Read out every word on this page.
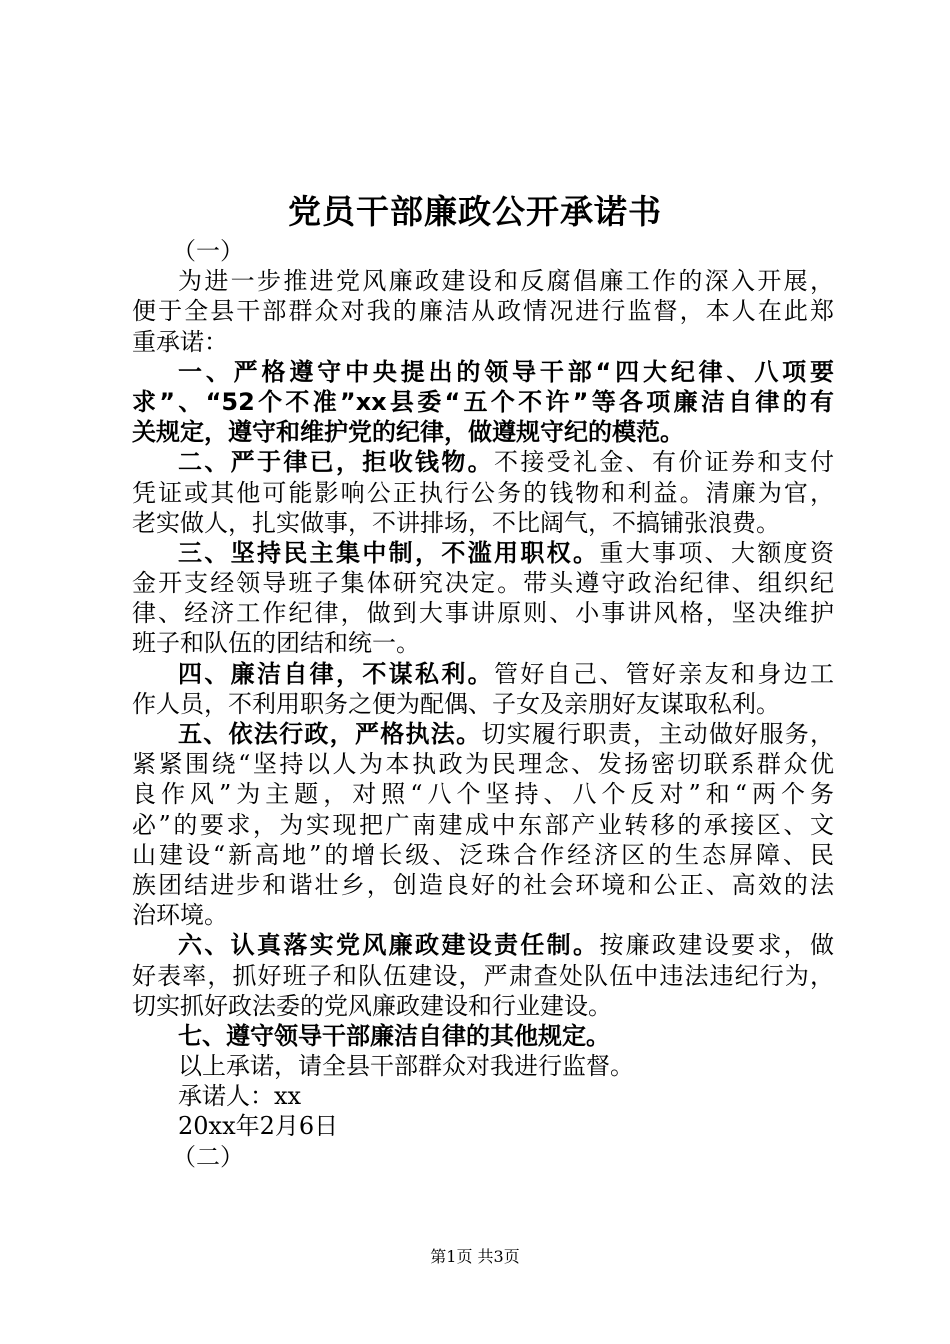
党员干部廉政公开承诺书
（一）
为进一步推进党风廉政建设和反腐倡廉工作的深入开展，
便于全县干部群众对我的廉洁从政情况进行监督，本人在此郑
重承诺：
一、严格遵守中央提出的领导干部“四大纪律、八项要
求”、“52个不准”xx县委“五个不许”等各项廉洁自律的有
关规定，遵守和维护党的纪律，做遵规守纪的模范。
二、严于律已，拒收钱物。不接受礼金、有价证券和支付
凭证或其他可能影响公正执行公务的钱物和利益。清廉为官，
老实做人，扎实做事，不讲排场，不比阔气，不搞铺张浪费。
三、坚持民主集中制，不滥用职权。重大事项、大额度资
金开支经领导班子集体研究决定。带头遵守政治纪律、组织纪
律、经济工作纪律，做到大事讲原则、小事讲风格，坚决维护
班子和队伍的团结和统一。
四、廉洁自律，不谋私利。管好自己、管好亲友和身边工
作人员，不利用职务之便为配偶、子女及亲朋好友谋取私利。
五、依法行政，严格执法。切实履行职责，主动做好服务，
紧紧围绕“坚持以人为本执政为民理念、发扬密切联系群众优
良作风”为主题，对照“八个坚持、八个反对”和“两个务
必”的要求，为实现把广南建成中东部产业转移的承接区、文
山建设“新高地”的增长级、泛珠合作经济区的生态屏障、民
族团结进步和谐壮乡，创造良好的社会环境和公正、高效的法
治环境。
六、认真落实党风廉政建设责任制。按廉政建设要求，做
好表率，抓好班子和队伍建设，严肃查处队伍中违法违纪行为，
切实抓好政法委的党风廉政建设和行业建设。
七、遵守领导干部廉洁自律的其他规定。
以上承诺，请全县干部群众对我进行监督。
承诺人：xx
20xx年2月6日
（二）
第1页 共3页
